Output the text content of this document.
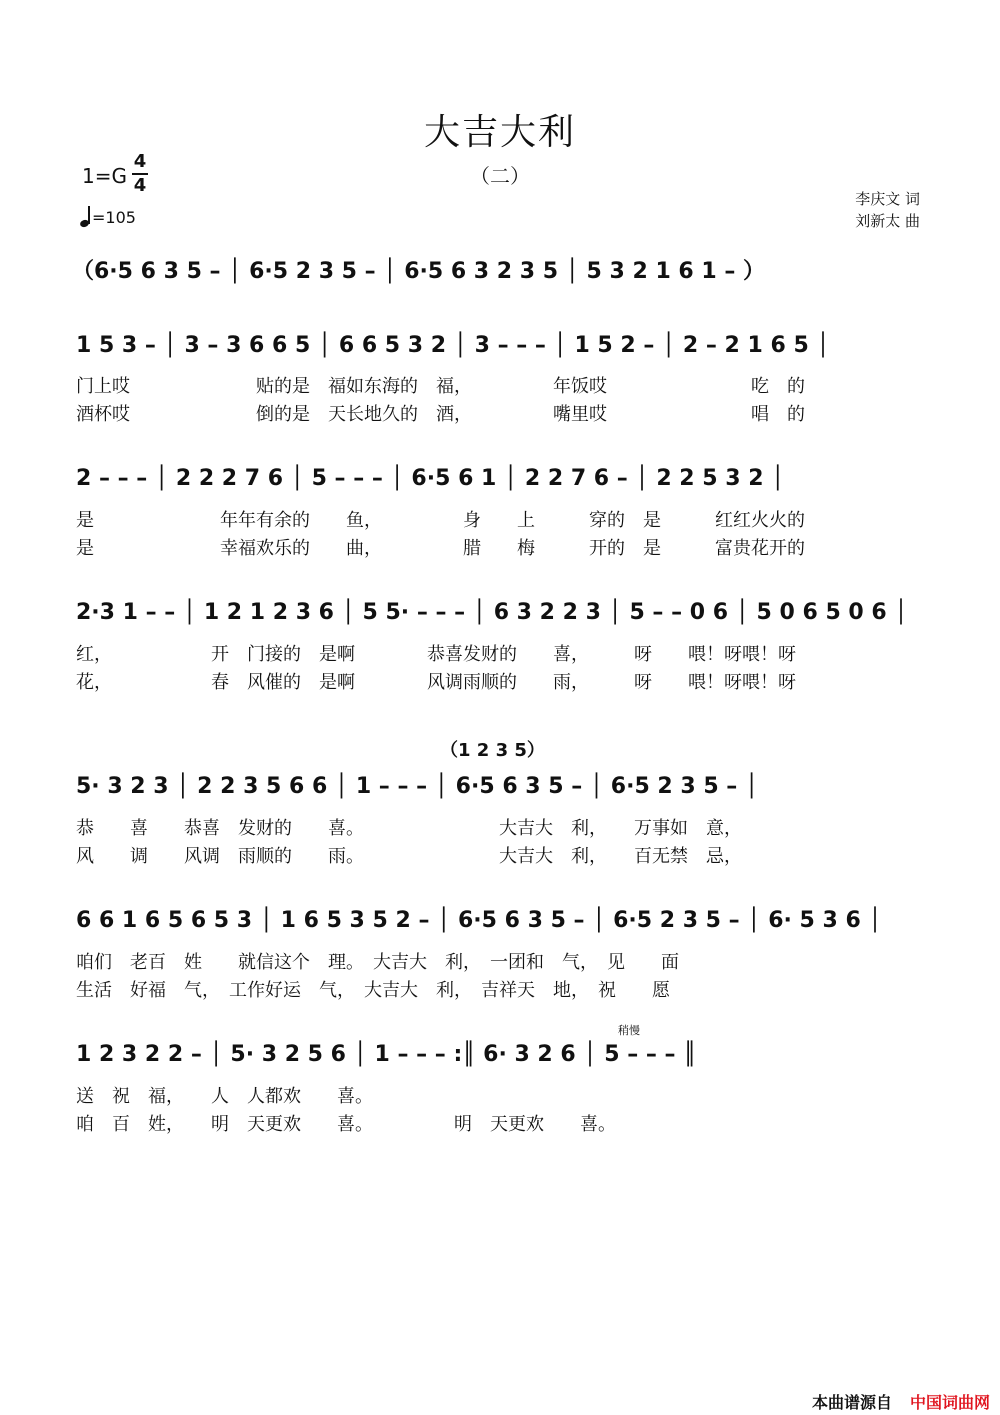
大吉大利
（二）
1=G
4
4
=105
李庆文 词
刘新太 曲
（6·5 6 3 5 – │ 6·5 2 3 5 – │ 6·5 6 3 2 3 5 │ 5 3 2 1 6 1 – ）
1 5 3 – │ 3 – 3 6 6 5 │ 6 6 5 3 2 │ 3 – – – │ 1 5 2 – │ 2 – 2 1 6 5 │
门上哎　　　　　　　贴的是　福如东海的　福，　　　　　年饭哎　　　　　　　　吃　的
酒杯哎　　　　　　　倒的是　天长地久的　酒，　　　　　嘴里哎　　　　　　　　唱　的
2 – – – │ 2 2 2 7 6 │ 5 – – – │ 6·5 6 1 │ 2 2 7 6 – │ 2 2 5 3 2 │
是　　　　　　　年年有余的　　鱼，　　　　　身　　上　　　穿的　是　　　红红火火的
是　　　　　　　幸福欢乐的　　曲，　　　　　腊　　梅　　　开的　是　　　富贵花开的
2·3 1 – – │ 1 2 1 2 3 6 │ 5 5· – – – │ 6 3 2 2 3 │ 5 – – 0 6 │ 5 0 6 5 0 6 │
红，　　　　　　开　门接的　是啊　　　　恭喜发财的　　喜，　　　呀　　喂！呀喂！呀
花，　　　　　　春　风催的　是啊　　　　风调雨顺的　　雨，　　　呀　　喂！呀喂！呀
（1 2 3 5）
5· 3 2 3 │ 2 2 3 5 6 6 │ 1 – – – │ 6·5 6 3 5 – │ 6·5 2 3 5 – │
恭　　喜　　恭喜　发财的　　喜。　　　　　　　　大吉大　利，　　万事如　意，
风　　调　　风调　雨顺的　　雨。　　　　　　　　大吉大　利，　　百无禁　忌，
6 6 1 6 5 6 5 3 │ 1 6 5 3 5 2 – │ 6·5 6 3 5 – │ 6·5 2 3 5 – │ 6· 5 3 6 │
咱们　老百　姓　　就信这个　理。　大吉大　利，　一团和　气，　见　　面
生活　好福　气，　工作好运　气，　大吉大　利，　吉祥天　地，　祝　　愿
稍慢
1 2 3 2 2 – │ 5· 3 2 5 6 │ 1 – – – :║ 6· 3 2 6 │ 5 – – – ║
送　祝　福，　　人　人都欢　　喜。
咱　百　姓，　　明　天更欢　　喜。　　　　　明　天更欢　　喜。
本曲谱源自 中国词曲网
